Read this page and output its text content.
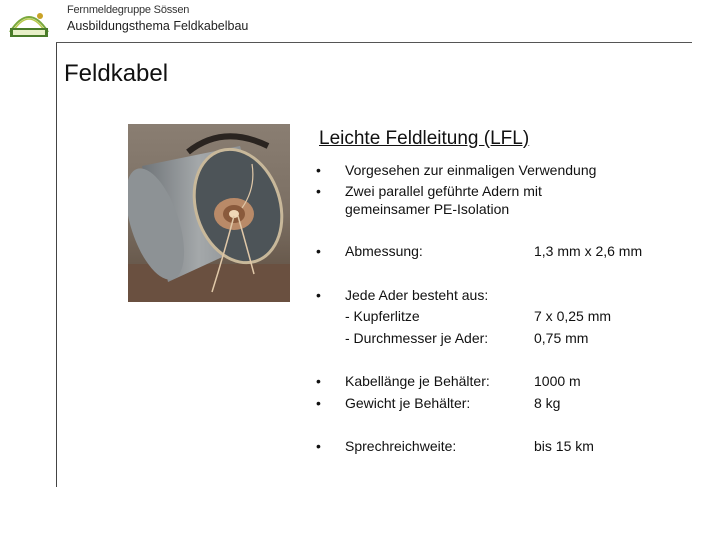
Fernmeldegruppe Sössen
Ausbildungsthema Feldkabelbau
Feldkabel
Leichte Feldleitung (LFL)
•	Vorgesehen zur einmaligen Verwendung
•	Zwei parallel geführte Adern mit
gemeinsamer PE-Isolation
•	Abmessung:	1,3 mm x 2,6 mm
•	Jede Ader besteht aus:
- Kupferlitze	7 x 0,25 mm
- Durchmesser je Ader:	0,75 mm
•	Kabellänge je Behälter:	1000 m
•	Gewicht je Behälter:	8 kg
•	Sprechreichweite:	bis 15 km
